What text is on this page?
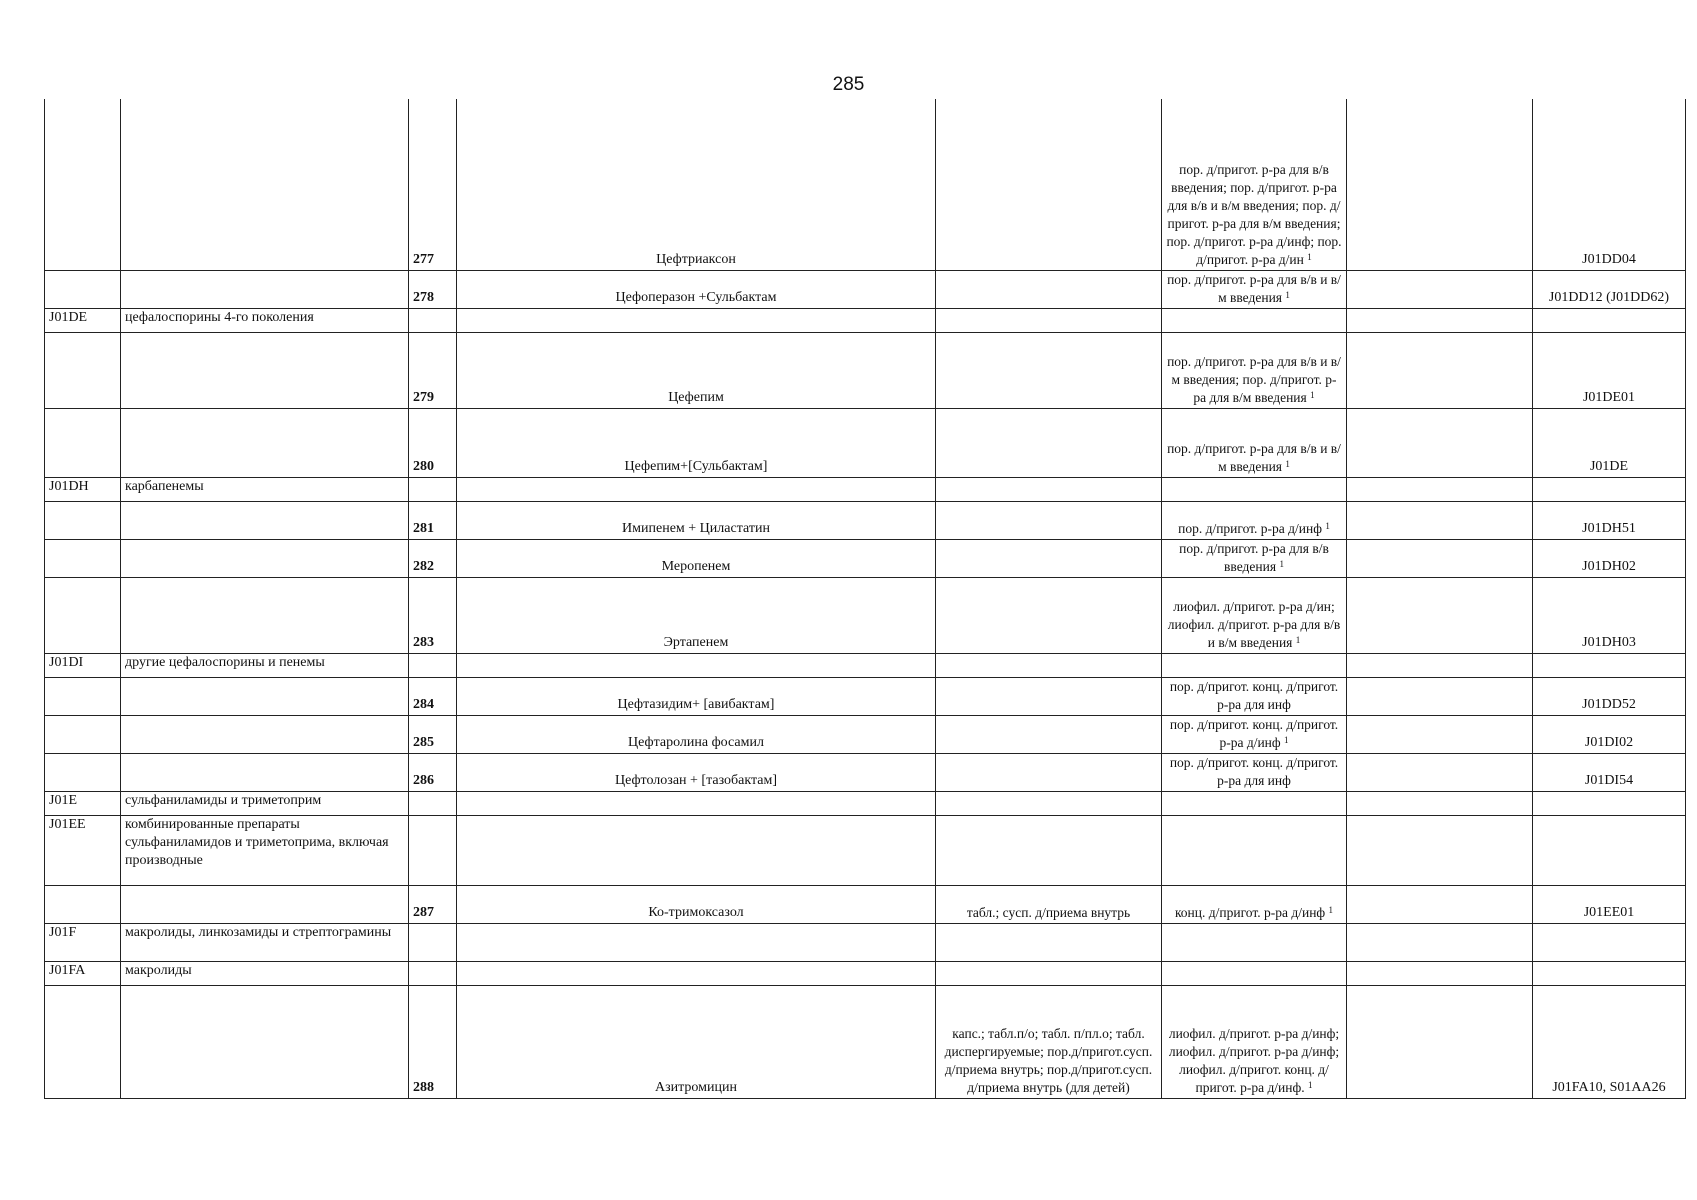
285
		277	Цефтриаксон		пор. д/пригот. р-ра для в/в введения; пор. д/пригот. р-ра для в/в и в/м введения; пор. д/пригот. р-ра для в/м введения; пор. д/пригот. р-ра д/инф; пор. д/пригот. р-ра д/ин $^1$		J01DD04
		278	Цефоперазон +Сульбактам		пор. д/пригот. р-ра для в/в и в/м введения $^1$		J01DD12 (J01DD62)
J01DE	цефалоспорины 4-го поколения						
		279	Цефепим		пор. д/пригот. р-ра для в/в и в/м введения; пор. д/пригот. р-ра для в/м введения $^1$		J01DE01
		280	Цефепим+[Сульбактам]		пор. д/пригот. р-ра для в/в и в/м введения $^1$		J01DE
J01DH	карбапенемы						
		281	Имипенем + Циластатин		пор. д/пригот. р-ра д/инф $^1$		J01DH51
		282	Меропенем		пор. д/пригот. р-ра для в/в введения $^1$		J01DH02
		283	Эртапенем		лиофил. д/пригот. р-ра д/ин; лиофил. д/пригот. р-ра для в/в и в/м введения $^1$		J01DH03
J01DI	другие цефалоспорины и пенемы						
		284	Цефтазидим+ [авибактам]		пор. д/пригот. конц. д/пригот. р-ра для инф		J01DD52
		285	Цефтаролина фосамил		пор. д/пригот. конц. д/пригот. р-ра д/инф $^1$		J01DI02
		286	Цефтолозан + [тазобактам]		пор. д/пригот. конц. д/пригот. р-ра для инф		J01DI54
J01E	сульфаниламиды и триметоприм						
J01EE	комбинированные препараты сульфаниламидов и триметоприма, включая производные						
		287	Ко-тримоксазол	табл.; сусп. д/приема внутрь	конц. д/пригот. р-ра д/инф $^1$		J01EE01
J01F	макролиды, линкозамиды и стрептограмины						
J01FA	макролиды						
		288	Азитромицин	капс.; табл.п/о; табл. п/пл.о; табл. диспергируемые; пор.д/пригот.сусп. д/приема внутрь; пор.д/пригот.сусп. д/приема внутрь (для детей)	лиофил. д/пригот. р-ра д/инф; лиофил. д/пригот. р-ра д/инф; лиофил. д/пригот. конц. д/пригот. р-ра д/инф. $^1$		J01FA10, S01AA26
